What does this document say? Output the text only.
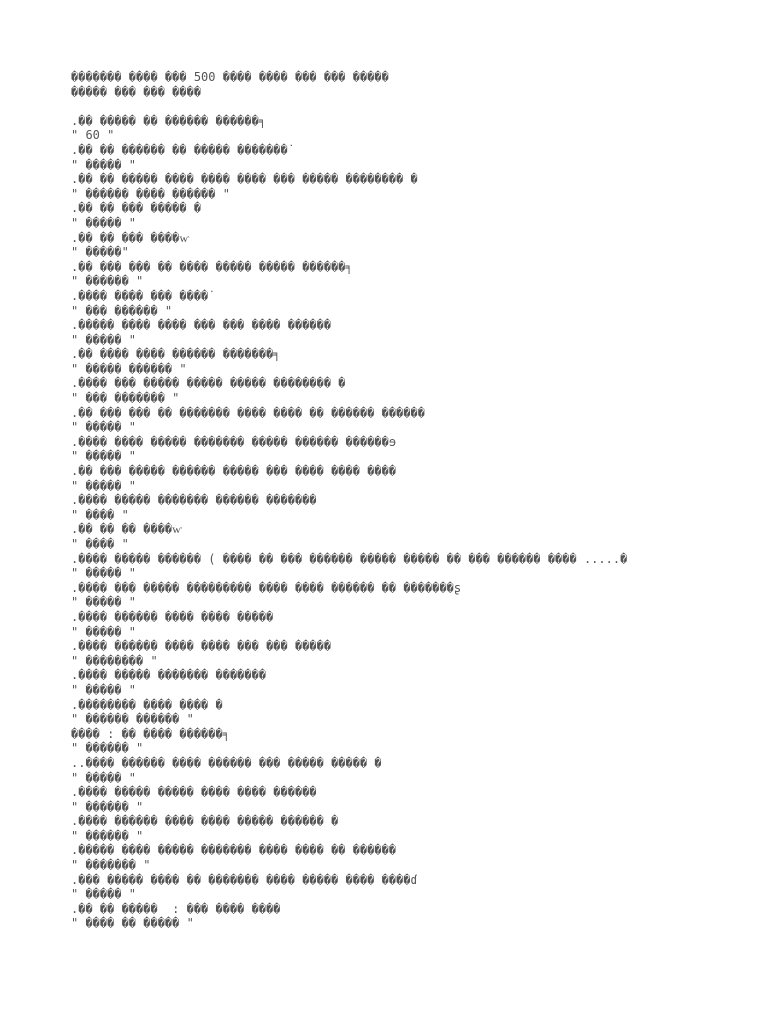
������� ���� ��� 500 ���� ���� ��� ��� �����
����� ��� ��� ����
.�� ����� �� ������ ������╕
" 60 "
.�� �� ������ �� ����� �������˙
" ����� "
.�� �� ����� ���� ���� ���� ��� ����� �������� �
" ������ ���� ������ "
.�� �� ��� ����� �
" ����� "
.�� �� ��� ����ⱳ
" �����"
.�� ��� ��� �� ���� ����� ����� ������╕
" ������ "
.���� ���� ��� ����˙
" ��� ������ "
.����� ���� ���� ��� ��� ���� ������
" ����� "
.�� ���� ���� ������ �������╕
" ����� ������ "
.���� ��� ����� ����� ����� �������� �
" ��� ������� "
.�� ��� ��� �� ������� ���� ���� �� ������ ������
" ����� "
.���� ���� ����� ������� ����� ������ ������ɘ
" ����� "
.�� ��� ����� ������ ����� ��� ���� ���� ����
" ����� "
.���� ����� ������� ������ �������
" ���� "
.�� �� �� ����ⱳ
" ���� "
.���� ����� ������ ( ���� �� ��� ������ ����� ����� �� ��� ������ ���� .....�
" ����� "
.���� ��� ����� ��������� ���� ���� ������ �� �������ʂ
" ����� "
.���� ������ ���� ���� �����
" ����� "
.���� ������ ���� ���� ��� ��� �����
" �������� "
.���� ����� ������� �������
" ����� "
.�������� ���� ���� �
" ������ ������ "
���� : �� ���� ������╕
" ������ "
..���� ������ ���� ������ ��� ����� ����� �
" ����� "
.���� ����� ����� ���� ���� ������
" ������ "
.���� ������ ���� ���� ����� ������ �
" ������ "
.����� ���� ����� ������� ���� ���� �� ������
" ������� "
.��� ����� ���� �� ������� ���� ����� ���� ����ɗ
" ����� "
.�� �� �����  : ��� ���� ����
" ���� �� ����� "
